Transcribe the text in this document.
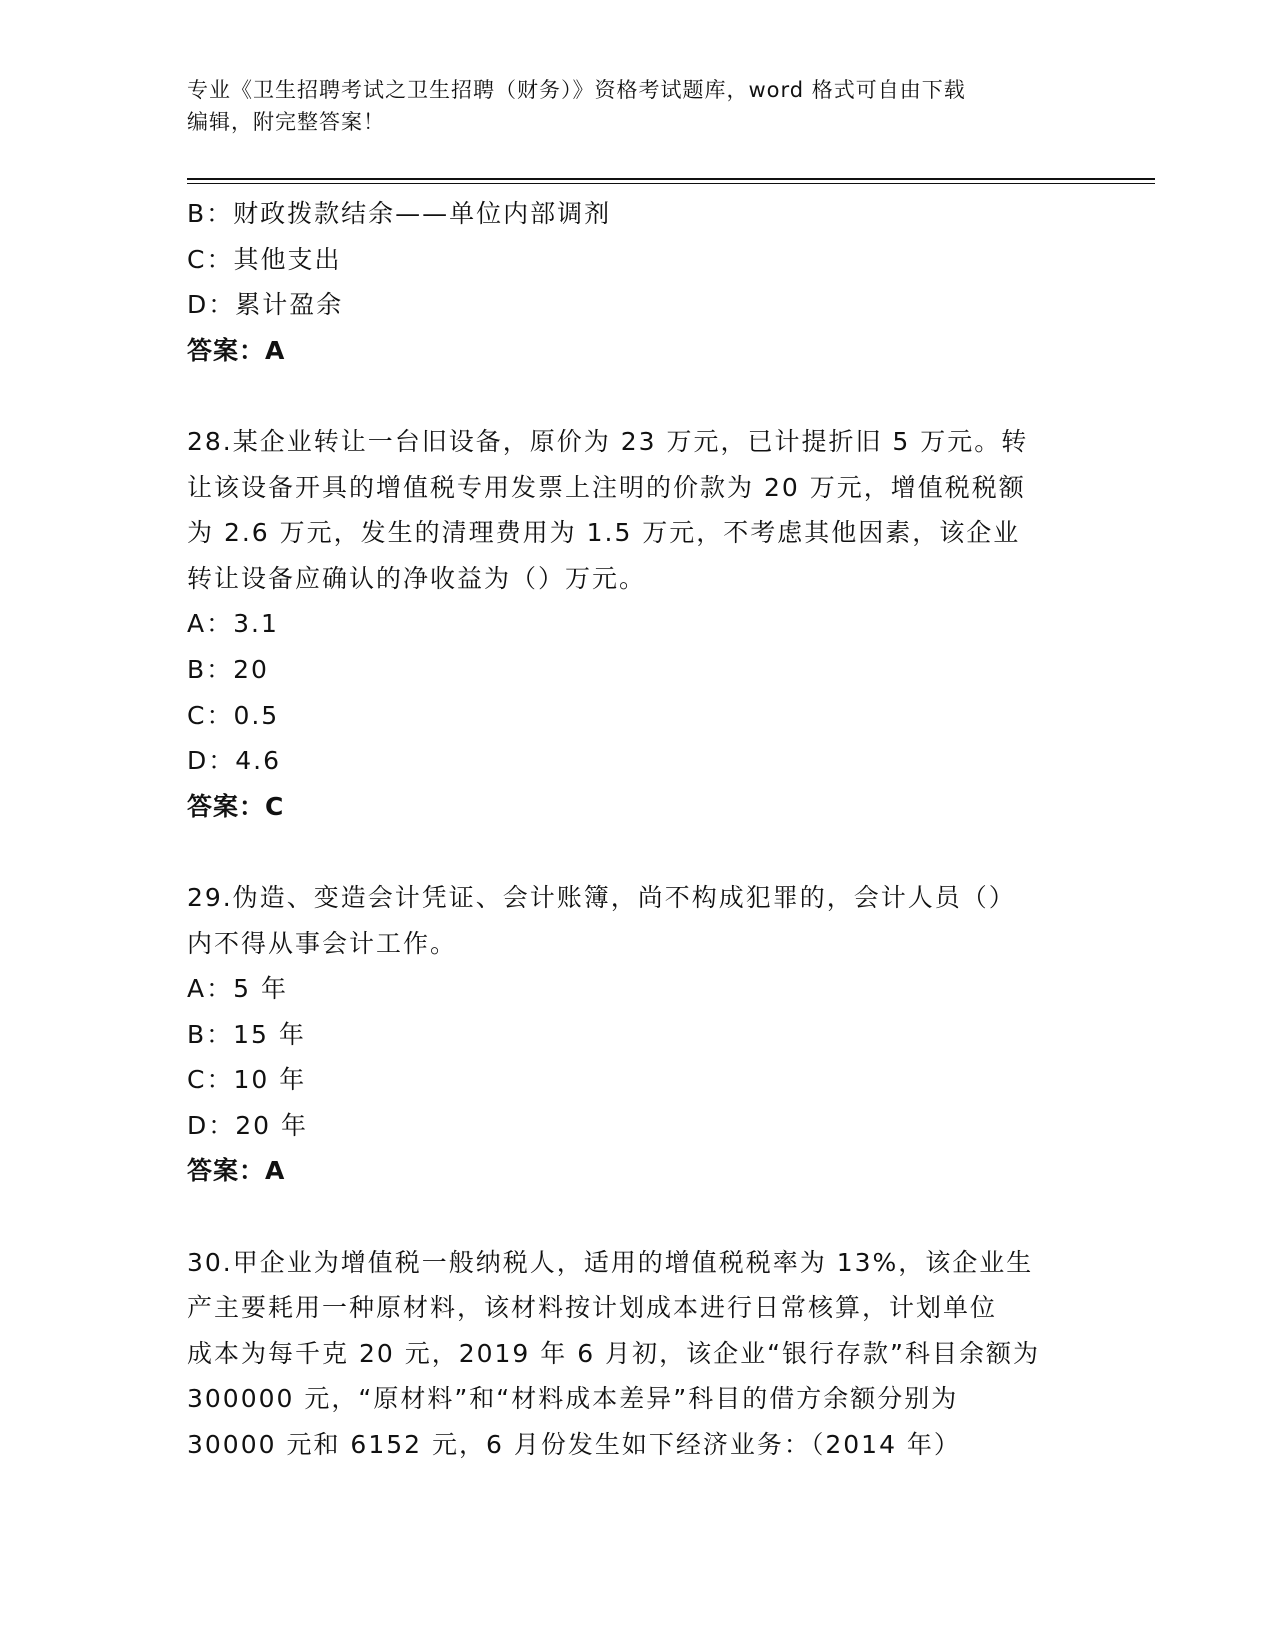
专业《卫生招聘考试之卫生招聘（财务）》资格考试题库，word 格式可自由下载
编辑，附完整答案！
B：财政拨款结余——单位内部调剂
C：其他支出
D：累计盈余
答案：A
28.某企业转让一台旧设备，原价为 23 万元，已计提折旧 5 万元。转
让该设备开具的增值税专用发票上注明的价款为 20 万元，增值税税额
为 2.6 万元，发生的清理费用为 1.5 万元，不考虑其他因素，该企业
转让设备应确认的净收益为（）万元。
A：3.1
B：20
C：0.5
D：4.6
答案：C
29.伪造、变造会计凭证、会计账簿，尚不构成犯罪的，会计人员（）
内不得从事会计工作。
A：5 年
B：15 年
C：10 年
D：20 年
答案：A
30.甲企业为增值税一般纳税人，适用的增值税税率为 13%，该企业生
产主要耗用一种原材料，该材料按计划成本进行日常核算，计划单位
成本为每千克 20 元，2019 年 6 月初，该企业“银行存款”科目余额为
300000 元，“原材料”和“材料成本差异”科目的借方余额分别为
30000 元和 6152 元，6 月份发生如下经济业务：（2014 年）
